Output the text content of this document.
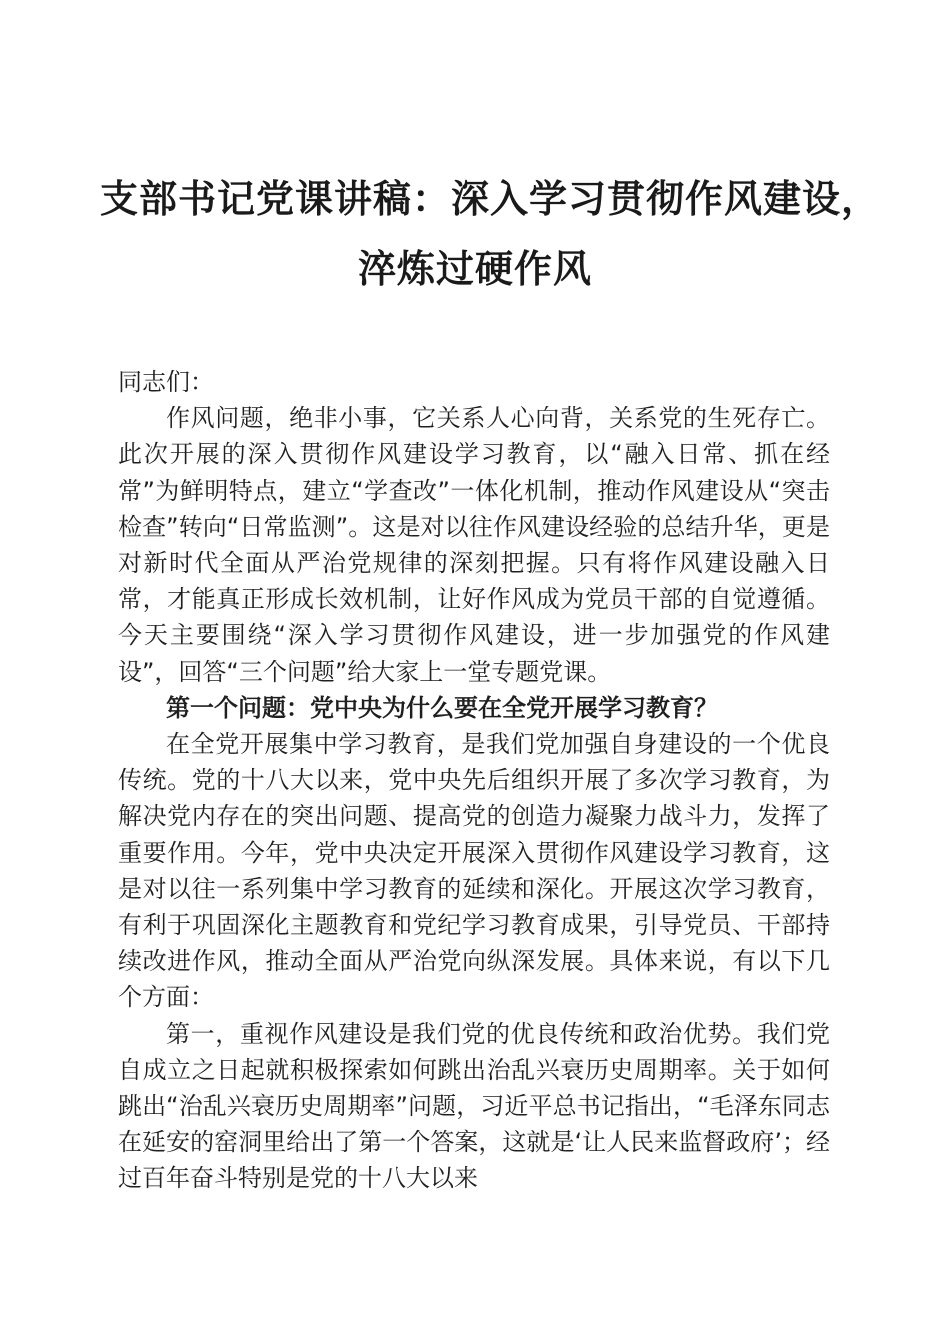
支部书记党课讲稿：深入学习贯彻作风建设，
淬炼过硬作风

同志们：

作风问题，绝非小事，它关系人心向背，关系党的生死存亡。此次开展的深入贯彻作风建设学习教育，以“融入日常、抓在经常”为鲜明特点，建立“学查改”一体化机制，推动作风建设从“突击检查”转向“日常监测”。这是对以往作风建设经验的总结升华，更是对新时代全面从严治党规律的深刻把握。只有将作风建设融入日常，才能真正形成长效机制，让好作风成为党员干部的自觉遵循。今天主要围绕“深入学习贯彻作风建设，进一步加强党的作风建设”，回答“三个问题”给大家上一堂专题党课。

第一个问题：党中央为什么要在全党开展学习教育？

在全党开展集中学习教育，是我们党加强自身建设的一个优良传统。党的十八大以来，党中央先后组织开展了多次学习教育，为解决党内存在的突出问题、提高党的创造力凝聚力战斗力，发挥了重要作用。今年，党中央决定开展深入贯彻作风建设学习教育，这是对以往一系列集中学习教育的延续和深化。开展这次学习教育，有利于巩固深化主题教育和党纪学习教育成果，引导党员、干部持续改进作风，推动全面从严治党向纵深发展。具体来说，有以下几个方面：

第一，重视作风建设是我们党的优良传统和政治优势。我们党自成立之日起就积极探索如何跳出治乱兴衰历史周期率。关于如何跳出“治乱兴衰历史周期率”问题，习近平总书记指出，“毛泽东同志在延安的窑洞里给出了第一个答案，这就是‘让人民来监督政府’；经过百年奋斗特别是党的十八大以来
